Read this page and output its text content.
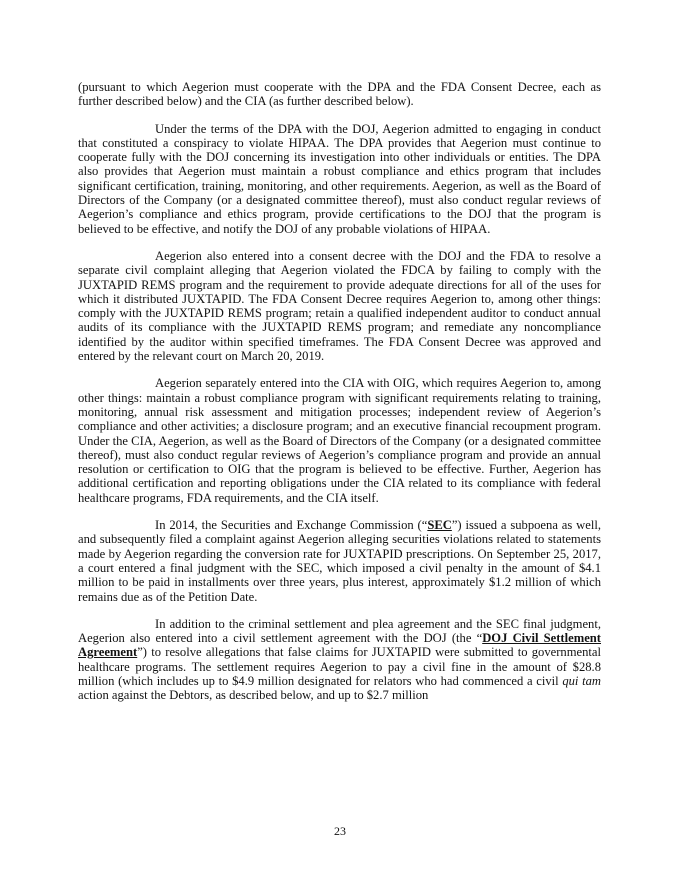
(pursuant to which Aegerion must cooperate with the DPA and the FDA Consent Decree, each as further described below) and the CIA (as further described below).

Under the terms of the DPA with the DOJ, Aegerion admitted to engaging in conduct that constituted a conspiracy to violate HIPAA. The DPA provides that Aegerion must continue to cooperate fully with the DOJ concerning its investigation into other individuals or entities. The DPA also provides that Aegerion must maintain a robust compliance and ethics program that includes significant certification, training, monitoring, and other requirements. Aegerion, as well as the Board of Directors of the Company (or a designated committee thereof), must also conduct regular reviews of Aegerion’s compliance and ethics program, provide certifications to the DOJ that the program is believed to be effective, and notify the DOJ of any probable violations of HIPAA.

Aegerion also entered into a consent decree with the DOJ and the FDA to resolve a separate civil complaint alleging that Aegerion violated the FDCA by failing to comply with the JUXTAPID REMS program and the requirement to provide adequate directions for all of the uses for which it distributed JUXTAPID. The FDA Consent Decree requires Aegerion to, among other things: comply with the JUXTAPID REMS program; retain a qualified independent auditor to conduct annual audits of its compliance with the JUXTAPID REMS program; and remediate any noncompliance identified by the auditor within specified timeframes. The FDA Consent Decree was approved and entered by the relevant court on March 20, 2019.

Aegerion separately entered into the CIA with OIG, which requires Aegerion to, among other things: maintain a robust compliance program with significant requirements relating to training, monitoring, annual risk assessment and mitigation processes; independent review of Aegerion’s compliance and other activities; a disclosure program; and an executive financial recoupment program. Under the CIA, Aegerion, as well as the Board of Directors of the Company (or a designated committee thereof), must also conduct regular reviews of Aegerion’s compliance program and provide an annual resolution or certification to OIG that the program is believed to be effective. Further, Aegerion has additional certification and reporting obligations under the CIA related to its compliance with federal healthcare programs, FDA requirements, and the CIA itself.

In 2014, the Securities and Exchange Commission (“SEC”) issued a subpoena as well, and subsequently filed a complaint against Aegerion alleging securities violations related to statements made by Aegerion regarding the conversion rate for JUXTAPID prescriptions. On September 25, 2017, a court entered a final judgment with the SEC, which imposed a civil penalty in the amount of $4.1 million to be paid in installments over three years, plus interest, approximately $1.2 million of which remains due as of the Petition Date.

In addition to the criminal settlement and plea agreement and the SEC final judgment, Aegerion also entered into a civil settlement agreement with the DOJ (the “DOJ Civil Settlement Agreement”) to resolve allegations that false claims for JUXTAPID were submitted to governmental healthcare programs. The settlement requires Aegerion to pay a civil fine in the amount of $28.8 million (which includes up to $4.9 million designated for relators who had commenced a civil qui tam action against the Debtors, as described below, and up to $2.7 million

23
